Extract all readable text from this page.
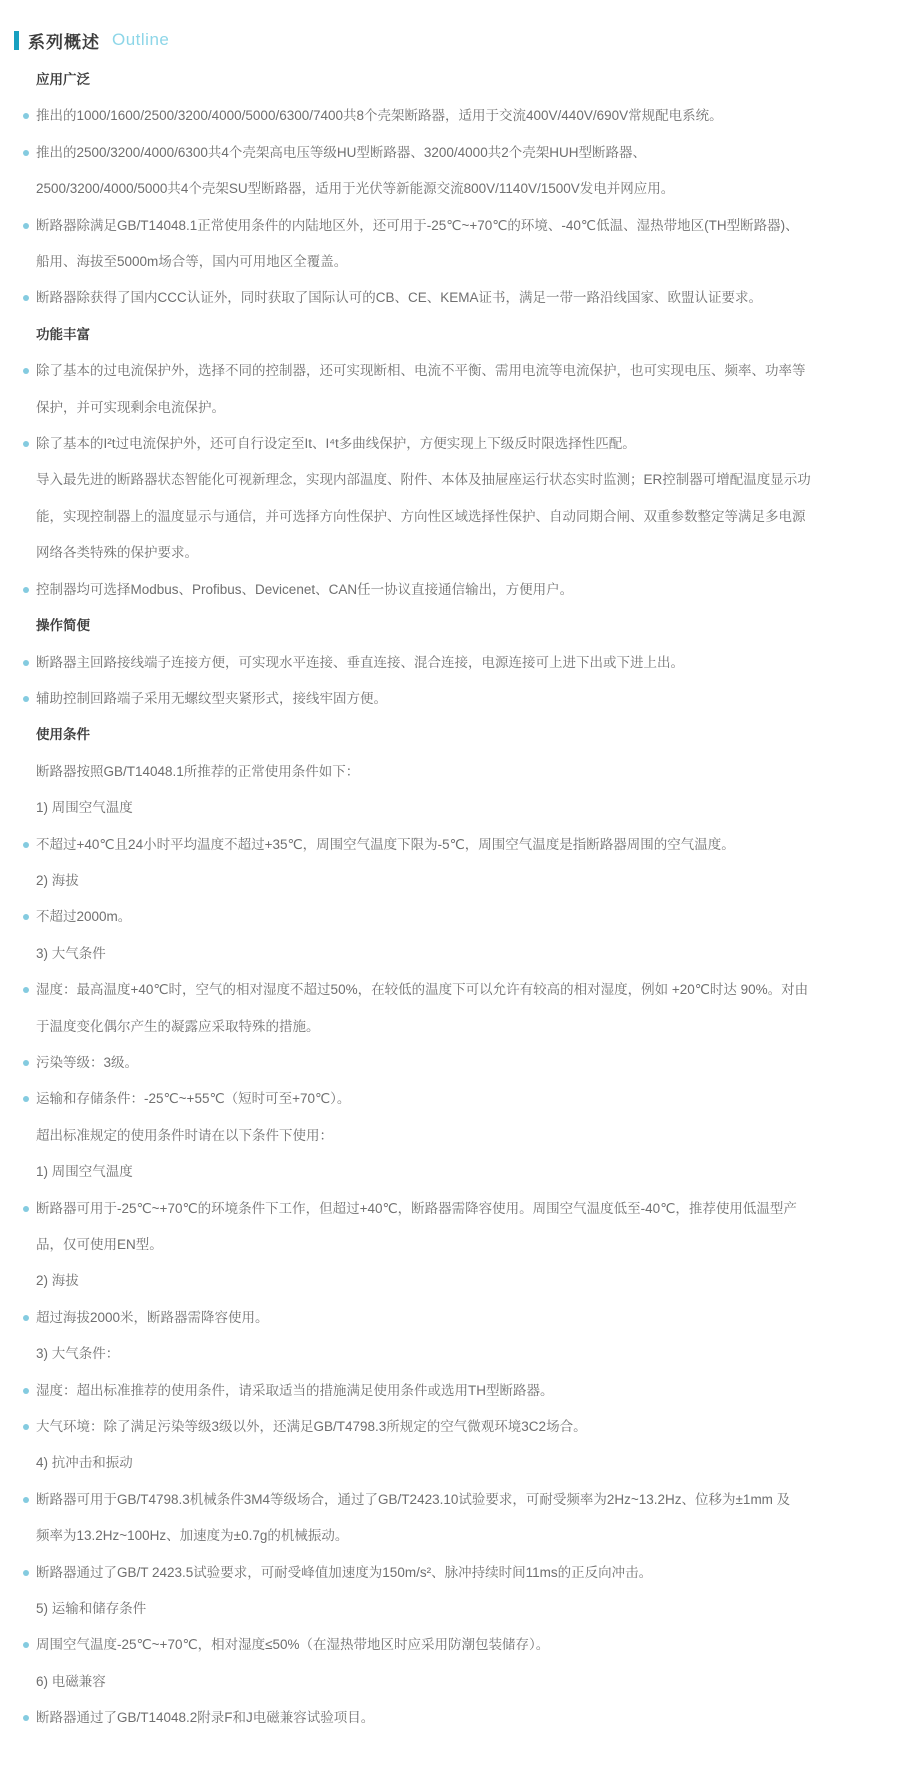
系列概述 Outline
应用广泛
推出的1000/1600/2500/3200/4000/5000/6300/7400共8个壳架断路器，适用于交流400V/440V/690V常规配电系统。
推出的2500/3200/4000/6300共4个壳架高电压等级HU型断路器、3200/4000共2个壳架HUH型断路器、
2500/3200/4000/5000共4个壳架SU型断路器，适用于光伏等新能源交流800V/1140V/1500V发电并网应用。
断路器除满足GB/T14048.1正常使用条件的内陆地区外，还可用于-25℃~+70℃的环境、-40℃低温、湿热带地区(TH型断路器)、
船用、海拔至5000m场合等，国内可用地区全覆盖。
断路器除获得了国内CCC认证外，同时获取了国际认可的CB、CE、KEMA证书，满足一带一路沿线国家、欧盟认证要求。
功能丰富
除了基本的过电流保护外，选择不同的控制器，还可实现断相、电流不平衡、需用电流等电流保护，也可实现电压、频率、功率等
保护，并可实现剩余电流保护。
除了基本的I²t过电流保护外，还可自行设定至It、I⁴t多曲线保护，方便实现上下级反时限选择性匹配。
导入最先进的断路器状态智能化可视新理念，实现内部温度、附件、本体及抽屉座运行状态实时监测；ER控制器可增配温度显示功
能，实现控制器上的温度显示与通信，并可选择方向性保护、方向性区域选择性保护、自动同期合闸、双重参数整定等满足多电源
网络各类特殊的保护要求。
控制器均可选择Modbus、Profibus、Devicenet、CAN任一协议直接通信输出，方便用户。
操作简便
断路器主回路接线端子连接方便，可实现水平连接、垂直连接、混合连接，电源连接可上进下出或下进上出。
辅助控制回路端子采用无螺纹型夹紧形式，接线牢固方便。
使用条件
断路器按照GB/T14048.1所推荐的正常使用条件如下：
1) 周围空气温度
不超过+40℃且24小时平均温度不超过+35℃，周围空气温度下限为-5℃，周围空气温度是指断路器周围的空气温度。
2) 海拔
不超过2000m。
3) 大气条件
湿度：最高温度+40℃时，空气的相对湿度不超过50%，在较低的温度下可以允许有较高的相对湿度，例如 +20℃时达 90%。对由
于温度变化偶尔产生的凝露应采取特殊的措施。
污染等级：3级。
运输和存储条件：-25℃~+55℃（短时可至+70℃）。
超出标准规定的使用条件时请在以下条件下使用：
1) 周围空气温度
断路器可用于-25℃~+70℃的环境条件下工作，但超过+40℃，断路器需降容使用。周围空气温度低至-40℃，推荐使用低温型产
品，仅可使用EN型。
2) 海拔
超过海拔2000米，断路器需降容使用。
3) 大气条件：
湿度：超出标准推荐的使用条件，请采取适当的措施满足使用条件或选用TH型断路器。
大气环境：除了满足污染等级3级以外，还满足GB/T4798.3所规定的空气微观环境3C2场合。
4) 抗冲击和振动
断路器可用于GB/T4798.3机械条件3M4等级场合，通过了GB/T2423.10试验要求，可耐受频率为2Hz~13.2Hz、位移为±1mm 及
频率为13.2Hz~100Hz、加速度为±0.7g的机械振动。
断路器通过了GB/T 2423.5试验要求，可耐受峰值加速度为150m/s²、脉冲持续时间11ms的正反向冲击。
5) 运输和储存条件
周围空气温度-25℃~+70℃，相对湿度≤50%（在湿热带地区时应采用防潮包装储存）。
6) 电磁兼容
断路器通过了GB/T14048.2附录F和J电磁兼容试验项目。
